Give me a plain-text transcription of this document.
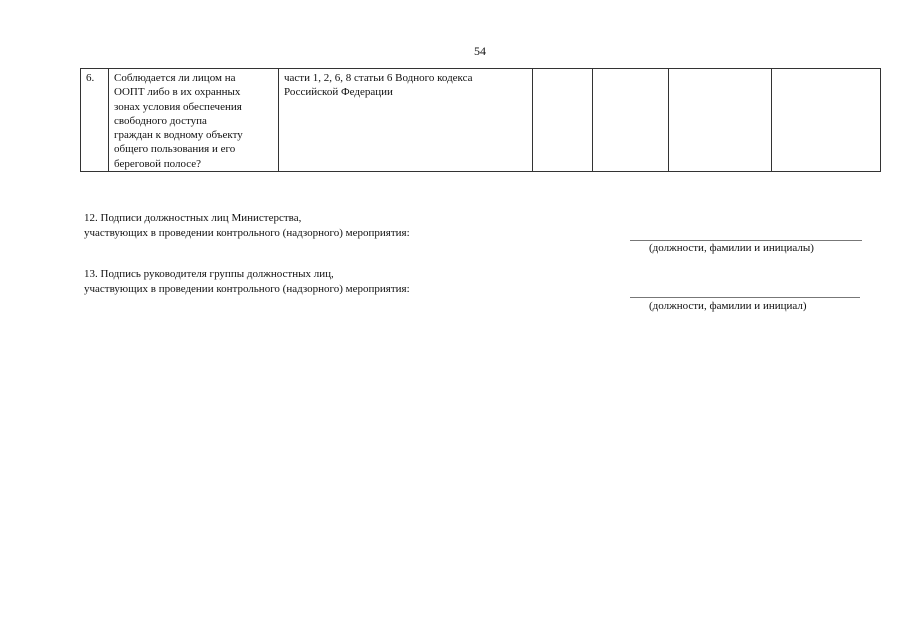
54
6.	Соблюдается ли лицом на
ООПТ либо в их охранных
зонах условия обеспечения
свободного доступа
граждан к водному объекту
общего пользования и его
береговой полосе?	части 1, 2, 6, 8 статьи 6 Водного кодекса
Российской Федерации				
12. Подписи должностных лиц Министерства,
участвующих в проведении контрольного (надзорного) мероприятия:
(должности, фамилии и инициалы)
13. Подпись руководителя группы должностных лиц,
участвующих в проведении контрольного (надзорного) мероприятия:
(должности, фамилии и инициал)
